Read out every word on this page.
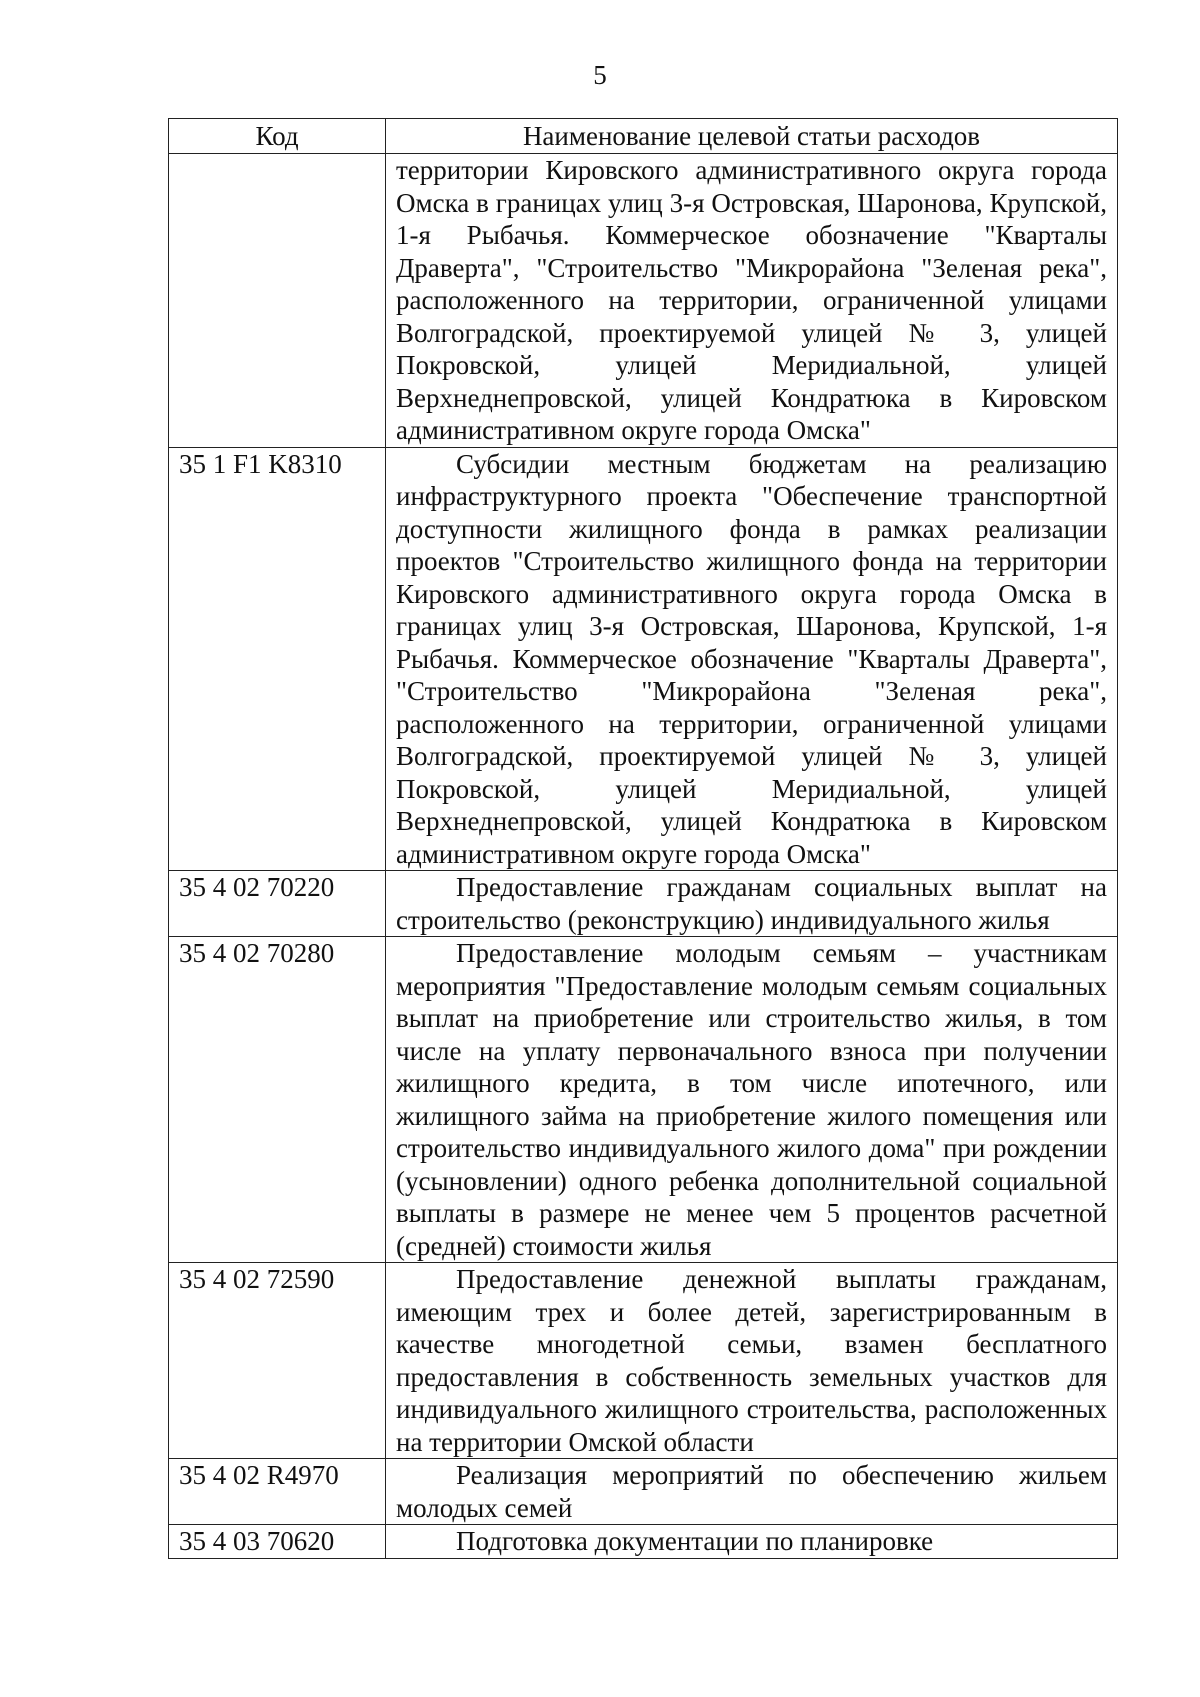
5
Код	Наименование целевой статьи расходов
	территории Кировского административного округа города Омска в границах улиц 3-я Островская, Шаронова, Крупской, 1-я Рыбачья. Коммерческое обозначение "Кварталы Драверта", "Строительство "Микрорайона "Зеленая река", расположенного на территории, ограниченной улицами Волгоградской, проектируемой улицей № 3, улицей Покровской, улицей Меридиальной, улицей Верхнеднепровской, улицей Кондратюка в Кировском административном округе города Омска"
35 1 F1 K8310	Субсидии местным бюджетам на реализацию инфраструктурного проекта "Обеспечение транспортной доступности жилищного фонда в рамках реализации проектов "Строительство жилищного фонда на территории Кировского административного округа города Омска в границах улиц 3-я Островская, Шаронова, Крупской, 1-я Рыбачья. Коммерческое обозначение "Кварталы Драверта", "Строительство "Микрорайона "Зеленая река", расположенного на территории, ограниченной улицами Волгоградской, проектируемой улицей № 3, улицей Покровской, улицей Меридиальной, улицей Верхнеднепровской, улицей Кондратюка в Кировском административном округе города Омска"
35 4 02 70220	Предоставление гражданам социальных выплат на строительство (реконструкцию) индивидуального жилья
35 4 02 70280	Предоставление молодым семьям – участникам мероприятия "Предоставление молодым семьям социальных выплат на приобретение или строительство жилья, в том числе на уплату первоначального взноса при получении жилищного кредита, в том числе ипотечного, или жилищного займа на приобретение жилого помещения или строительство индивидуального жилого дома" при рождении (усыновлении) одного ребенка дополнительной социальной выплаты в размере не менее чем 5 процентов расчетной (средней) стоимости жилья
35 4 02 72590	Предоставление денежной выплаты гражданам, имеющим трех и более детей, зарегистрированным в качестве многодетной семьи, взамен бесплатного предоставления в собственность земельных участков для индивидуального жилищного строительства, расположенных на территории Омской области
35 4 02 R4970	Реализация мероприятий по обеспечению жильем молодых семей
35 4 03 70620	Подготовка документации по планировке
